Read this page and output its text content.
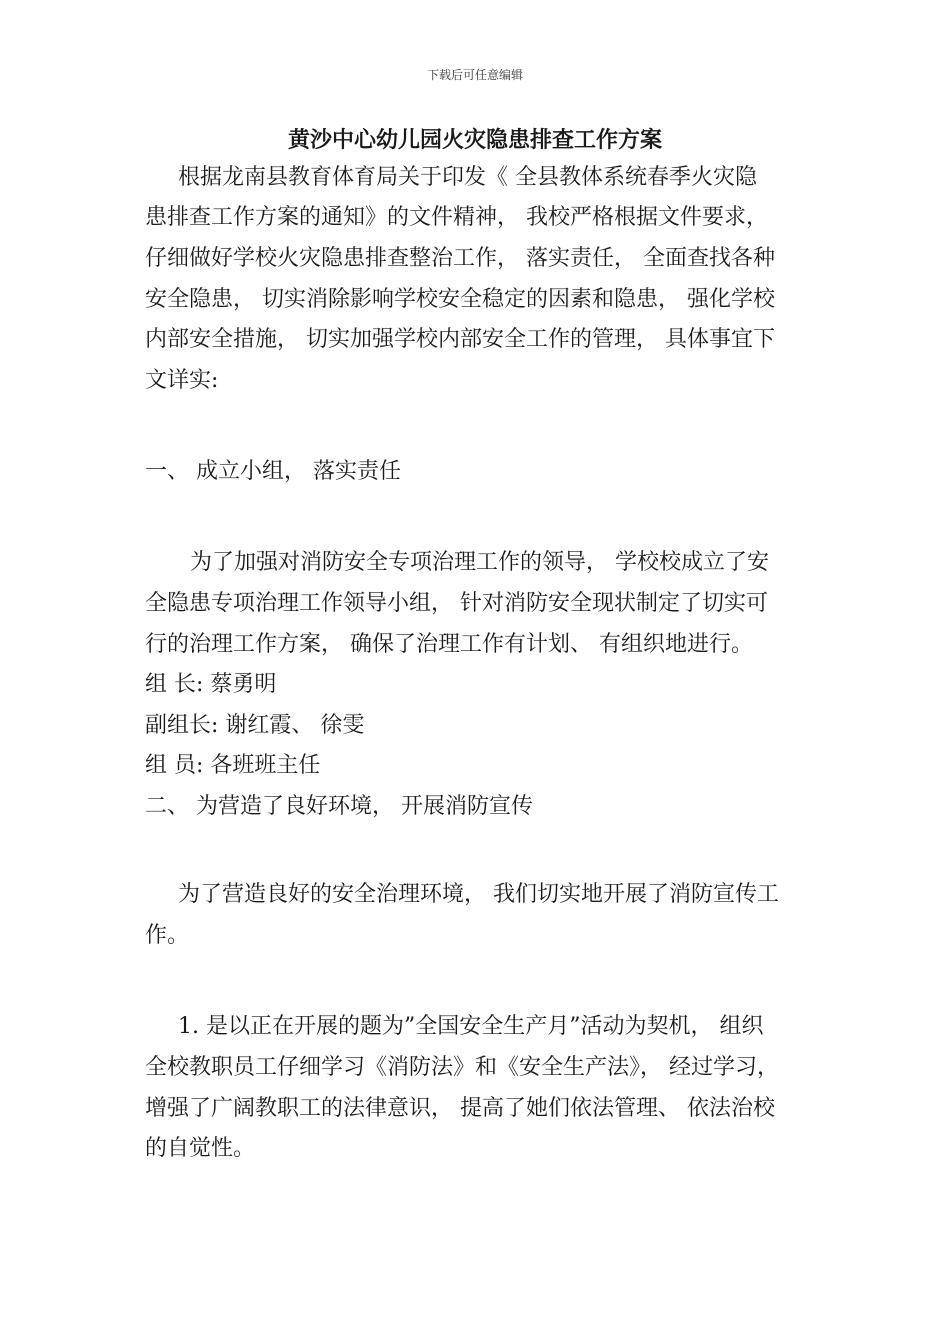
下载后可任意编辑
黄沙中心幼儿园火灾隐患排查工作方案
根据龙南县教育体育局关于印发《 全县教体系统春季火灾隐
患排查工作方案的通知》的文件精神， 我校严格根据文件要求，
仔细做好学校火灾隐患排查整治工作， 落实责任， 全面查找各种
安全隐患， 切实消除影响学校安全稳定的因素和隐患， 强化学校
内部安全措施， 切实加强学校内部安全工作的管理， 具体事宜下
文详实:
一、 成立小组， 落实责任
为了加强对消防安全专项治理工作的领导， 学校校成立了安
全隐患专项治理工作领导小组， 针对消防安全现状制定了切实可
行的治理工作方案， 确保了治理工作有计划、 有组织地进行。
组 长: 蔡勇明
副组长: 谢红霞、 徐雯
组 员: 各班班主任
二、 为营造了良好环境， 开展消防宣传
为了营造良好的安全治理环境， 我们切实地开展了消防宣传工
作。
1. 是以正在开展的题为”全国安全生产月”活动为契机， 组织
全校教职员工仔细学习《消防法》和《安全生产法》， 经过学习，
增强了广阔教职工的法律意识， 提高了她们依法管理、 依法治校
的自觉性。
